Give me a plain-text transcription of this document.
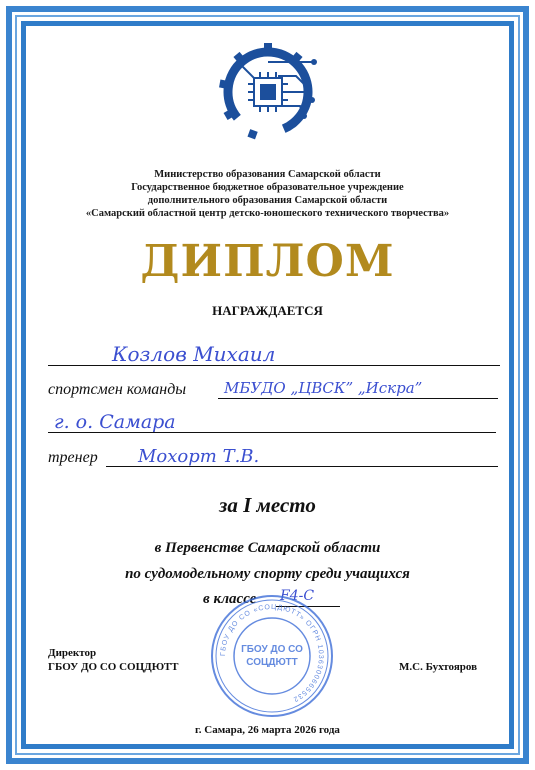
Министерство образования Самарской области
Государственное бюджетное образовательное учреждение
дополнительного образования Самарской области
«Самарский областной центр детско-юношеского технического творчества»
ДИПЛОМ
НАГРАЖДАЕТСЯ
Козлов Михаил
спортсмен команды	МБУДО „ЦВСК” „Искра”
г. о. Самара
тренер Мохорт Т.В.
за I место
в Первенстве Самарской области
по судомодельному спорту среди учащихся
в классе	F4-С
Директор
ГБОУ ДО СО СОЦДЮТТ	М.С. Бухтояров
ГБОУ ДО СО «СОЦДЮТТ» ОГРН 1036300665532
ГБОУ ДО СО
СОЦДЮТТ
г. Самара, 26 марта 2026 года
